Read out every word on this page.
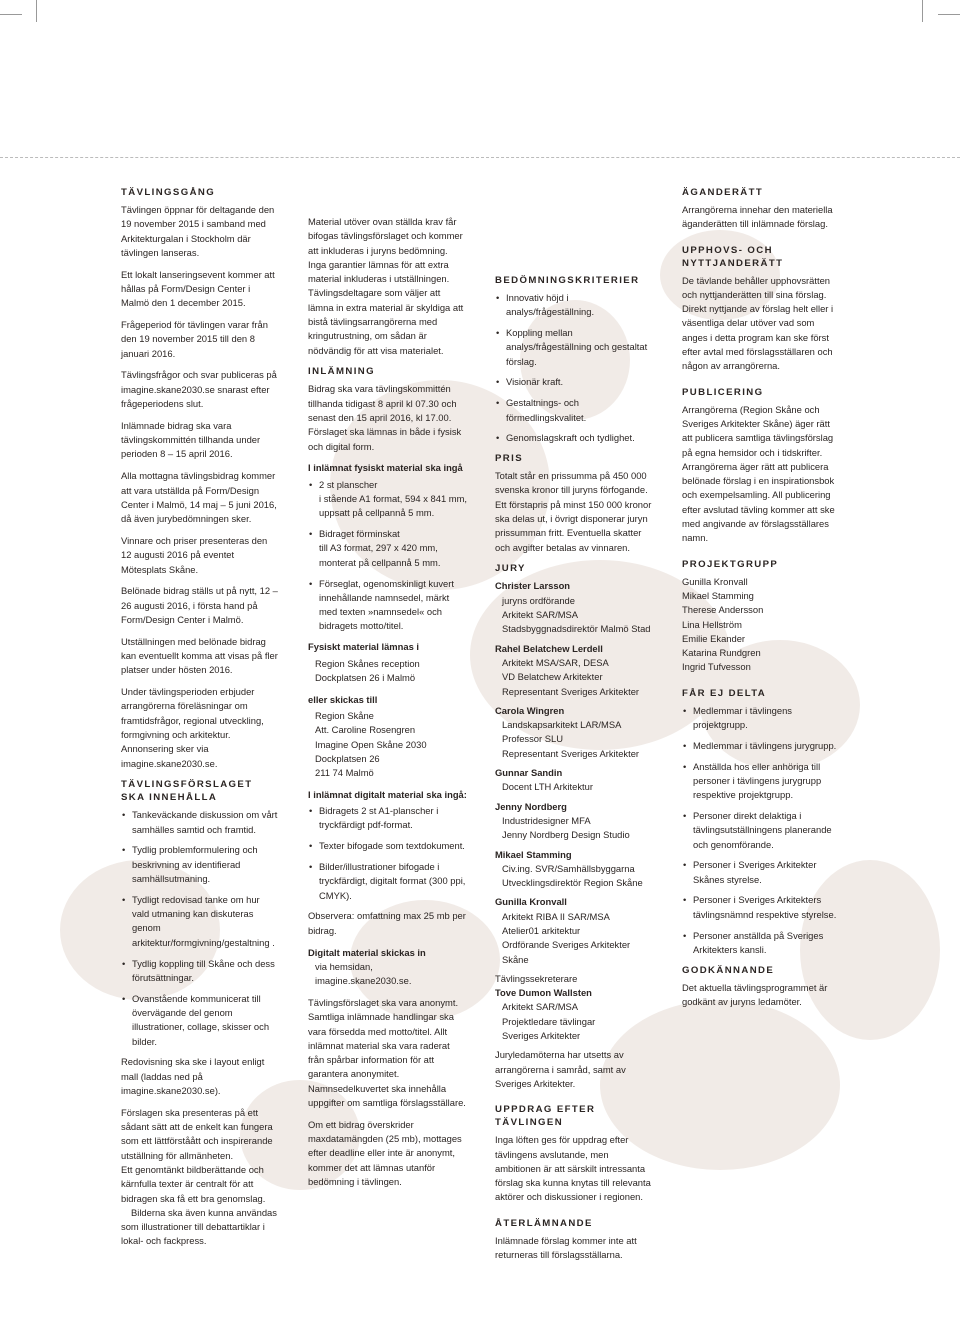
TÄVLINGSGÅNG

Tävlingen öppnar för deltagande den 19 november 2015 i samband med Arkitekturgalan i Stockholm där tävlingen lanseras.

Ett lokalt lanseringsevent kommer att hållas på Form/Design Center i Malmö den 1 december 2015.

Frågeperiod för tävlingen varar från den 19 november 2015 till den 8 januari 2016.

Tävlingsfrågor och svar publiceras på imagine.skane2030.se snarast efter frågeperiodens slut.

Inlämnade bidrag ska vara tävlingskommittén tillhanda under perioden 8 – 15 april 2016.

Alla mottagna tävlingsbidrag kommer att vara utställda på Form/Design Center i Malmö, 14 maj – 5 juni 2016, då även jurybedömningen sker.

Vinnare och priser presenteras den 12 augusti 2016 på eventet Mötesplats Skåne.

Belönade bidrag ställs ut på nytt, 12 – 26 augusti 2016, i första hand på Form/Design Center i Malmö.

Utställningen med belönade bidrag kan eventuellt komma att visas på fler platser under hösten 2016.

Under tävlingsperioden erbjuder arrangörerna föreläsningar om framtidsfrågor, regional utveckling, formgivning och arkitektur. Annonsering sker via imagine.skane2030.se.

TÄVLINGSFÖRSLAGET SKA INNEHÅLLA
• Tankeväckande diskussion om vårt samhälles samtid och framtid.
• Tydlig problemformulering och beskrivning av identifierad samhällsutmaning.
• Tydligt redovisad tanke om hur vald utmaning kan diskuteras genom arkitektur/formgivning/gestaltning .
• Tydlig koppling till Skåne och dess förutsättningar.
• Ovanstående kommunicerat till övervägande del genom illustrationer, collage, skisser och bilder.

Redovisning ska ske i layout enligt mall (laddas ned på imagine.skane2030.se).

Förslagen ska presenteras på ett sådant sätt att de enkelt kan fungera som ett lättförståått och inspirerande utställning för allmänheten.

Ett genomtänkt bildberättande och kärnfulla texter är centralt för att bidragen ska få ett bra genomslag.

Bilderna ska även kunna användas som illustrationer till debattartiklar i lokal- och fackpress.

Material utöver ovan ställda krav får bifogas tävlingsförslaget och kommer att inkluderas i juryns bedömning. Inga garantier lämnas för att extra material inkluderas i utställningen. Tävlingsdeltagare som väljer att lämna in extra material är skyldiga att bistå tävlingsarrangörerna med kringutrustning, om sådan är nödvändig för att visa materialet.

INLÄMNING

Bidrag ska vara tävlingskommittén tillhanda tidigast 8 april kl 07.30 och senast den 15 april 2016, kl 17.00. Förslaget ska lämnas in både i fysisk och digital form.

I inlämnat fysiskt material ska ingå
• 2 st planscher
i stående A1 format, 594 x 841 mm,
uppsatt på cellpannå 5 mm.
• Bidraget förminskat
till A3 format, 297 x 420 mm,
monterat på cellpannå 5 mm.
• Förseglat, ogenomskinligt kuvert innehållande namnsedel, märkt med texten »namnsedel« och bidragets motto/titel.
Fysiskt material lämnas i

Region Skånes reception
Dockplatsen 26 i Malmö

eller skickas till

Region Skåne
Att. Caroline Rosengren
Imagine Open Skåne 2030
Dockplatsen 26
211 74 Malmö

I inlämnat digitalt material ska ingå:
• Bidragets 2 st A1-planscher i tryckfärdigt pdf-format.
• Texter bifogade som textdokument.
• Bilder/illustrationer bifogade i tryckfärdigt, digitalt format (300 ppi, CMYK).

Observera: omfattning max 25 mb per bidrag.

Digitalt material skickas in

via hemsidan, imagine.skane2030.se.

Tävlingsförslaget ska vara anonymt. Samtliga inlämnade handlingar ska vara försedda med motto/titel. Allt inlämnat material ska vara raderat från spårbar information för att garantera anonymitet. Namnsedelkuvertet ska innehålla uppgifter om samtliga förslagsställare.

Om ett bidrag överskrider maxdatamängden (25 mb), mottages efter deadline eller inte är anonymt, kommer det att lämnas utanför bedömning i tävlingen.

BEDÖMNINGSKRITERIER
• Innovativ höjd i analys/frågeställning.
• Koppling mellan analys/frågeställning och gestaltat förslag.
• Visionär kraft.
• Gestaltnings- och förmedlingskvalitet.
• Genomslagskraft och tydlighet.
PRIS

Totalt står en prissumma på 450 000 svenska kronor till juryns förfogande. Ett förstapris på minst 150 000 kronor ska delas ut, i övrigt disponerar juryn prissumman fritt. Eventuella skatter och avgifter betalas av vinnaren.

JURY
Christer Larsson
juryns ordförande
Arkitekt SAR/MSA
Stadsbyggnadsdirektör Malmö Stad
Rahel Belatchew Lerdell
Arkitekt MSA/SAR, DESA
VD Belatchew Arkitekter
Representant Sveriges Arkitekter
Carola Wingren
Landskapsarkitekt LAR/MSA
Professor SLU
Representant Sveriges Arkitekter
Gunnar Sandin
Docent LTH Arkitektur
Jenny Nordberg
Industridesigner MFA
Jenny Nordberg Design Studio
Mikael Stamming
Civ.ing. SVR/Samhällsbyggarna
Utvecklingsdirektör Region Skåne
Gunilla Kronvall
Arkitekt RIBA II SAR/MSA
Atelier01 arkitektur
Ordförande Sveriges Arkitekter Skåne
Tävlingssekreterare
Tove Dumon Wallsten
Arkitekt SAR/MSA
Projektledare tävlingar
Sveriges Arkitekter

Juryledamöterna har utsetts av arrangörerna i samråd, samt av Sveriges Arkitekter.

UPPDRAG EFTER TÄVLINGEN

Inga löften ges för uppdrag efter tävlingens avslutande, men ambitionen är att särskilt intressanta förslag ska kunna knytas till relevanta aktörer och diskussioner i regionen.

ÅTERLÄMNANDE

Inlämnade förslag kommer inte att returneras till förslagsställarna.

ÄGANDERÄTT

Arrangörerna innehar den materiella äganderätten till inlämnade förslag.

UPPHOVS- OCH NYTTJANDERÄTT

De tävlande behåller upphovsrätten och nyttjanderätten till sina förslag. Direkt nyttjande av förslag helt eller i väsentliga delar utöver vad som anges i detta program kan ske först efter avtal med förslagsställaren och någon av arrangörerna.

PUBLICERING

Arrangörerna (Region Skåne och Sveriges Arkitekter Skåne) äger rätt att publicera samtliga tävlingsförslag på egna hemsidor och i tidskrifter.

Arrangörerna äger rätt att publicera belönade förslag i en inspirationsbok och exempelsamling. All publicering efter avslutad tävling kommer att ske med angivande av förslagsställares namn.

PROJEKTGRUPP

Gunilla Kronvall
Mikael Stamming
Therese Andersson
Lina Hellström
Emilie Ekander
Katarina Rundgren
Ingrid Tufvesson

FÅR EJ DELTA
• Medlemmar i tävlingens projektgrupp.
• Medlemmar i tävlingens jurygrupp.
• Anställda hos eller anhöriga till personer i tävlingens jurygrupp respektive projektgrupp.
• Personer direkt delaktiga i tävlingsutställningens planerande och genomförande.
• Personer i Sveriges Arkitekter Skånes styrelse.
• Personer i Sveriges Arkitekters tävlingsnämnd respektive styrelse.
• Personer anställda på Sveriges Arkitekters kansli.
GODKÄNNANDE

Det aktuella tävlingsprogrammet är godkänt av juryns ledamöter.
